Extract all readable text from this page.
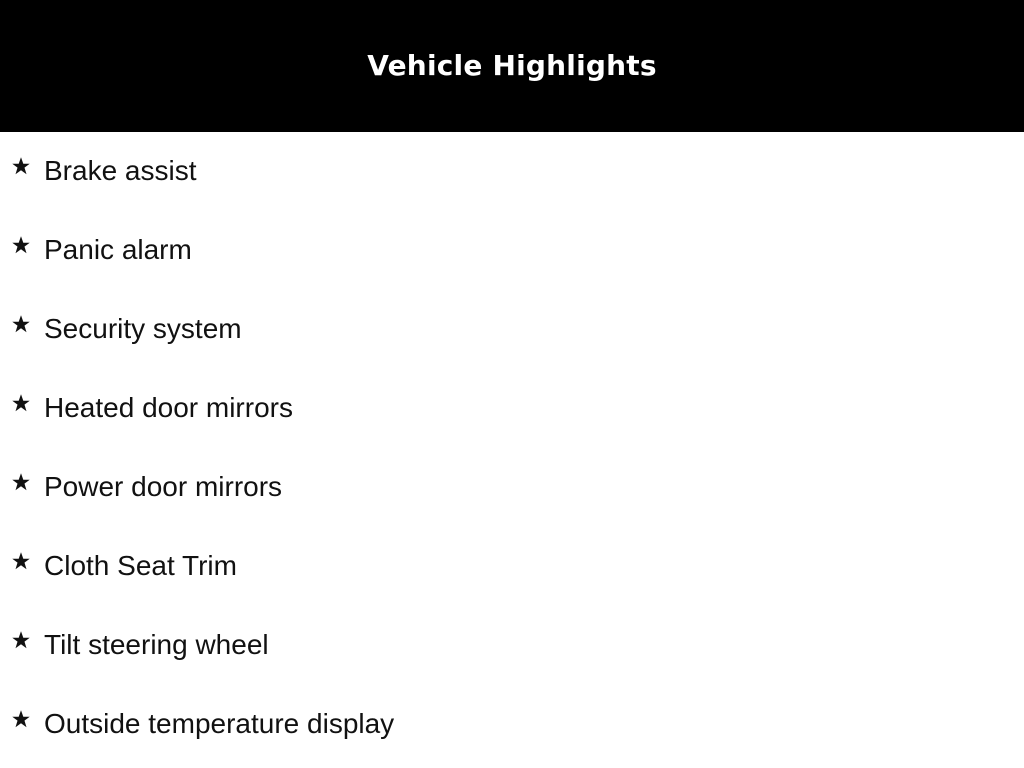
Vehicle Highlights
Brake assist
Panic alarm
Security system
Heated door mirrors
Power door mirrors
Cloth Seat Trim
Tilt steering wheel
Outside temperature display
